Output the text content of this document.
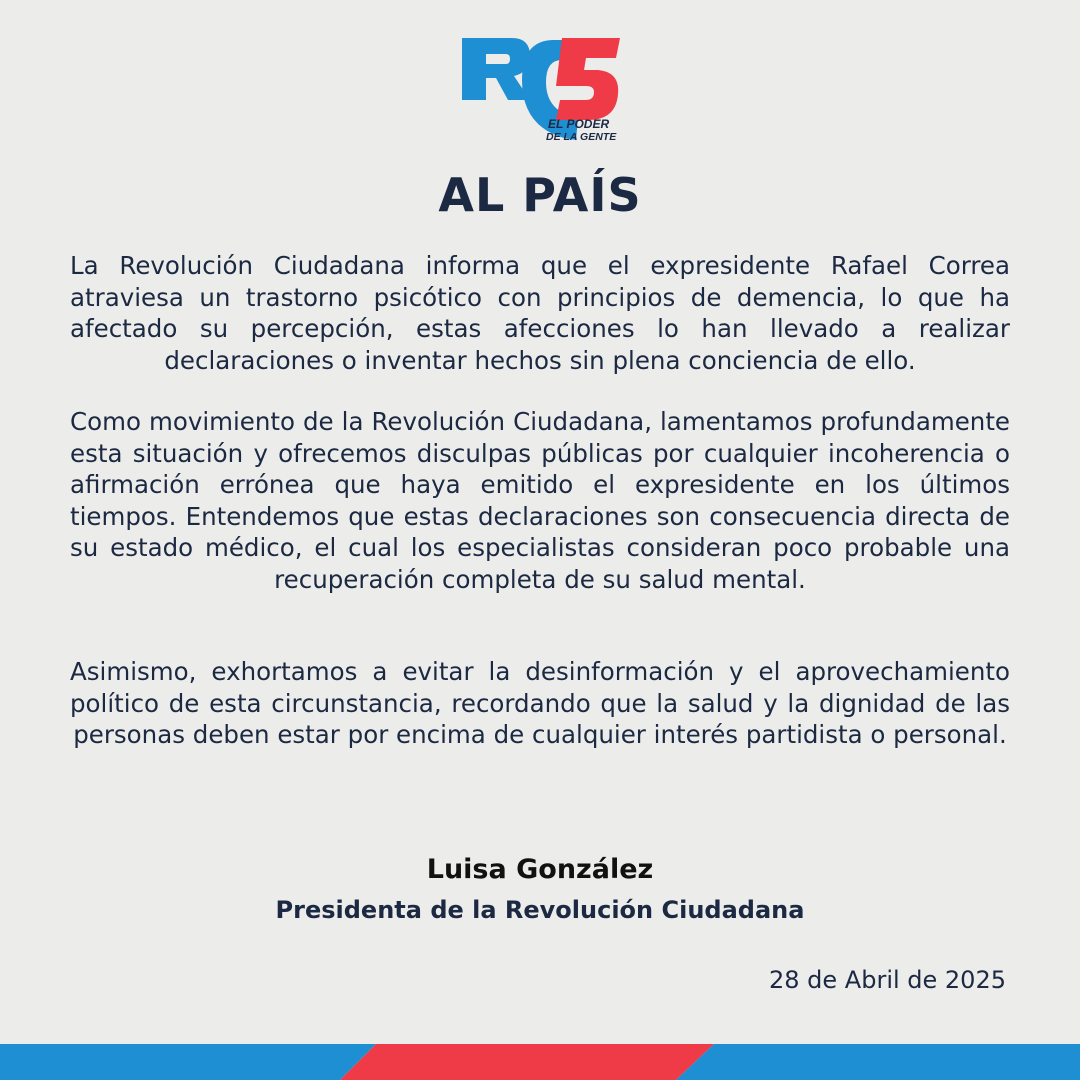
EL PODER
DE LA GENTE
AL PAÍS

La Revolución Ciudadana informa que el expresidente Rafael Correa atraviesa un trastorno psicótico con principios de demencia, lo que ha afectado su percepción, estas afecciones lo han llevado a realizar declaraciones o inventar hechos sin plena conciencia de ello.

Como movimiento de la Revolución Ciudadana, lamentamos profundamente esta situación y ofrecemos disculpas públicas por cualquier incoherencia o afirmación errónea que haya emitido el expresidente en los últimos tiempos. Entendemos que estas declaraciones son consecuencia directa de su estado médico, el cual los especialistas consideran poco probable una recuperación completa de su salud mental.

Asimismo, exhortamos a evitar la desinformación y el aprovechamiento político de esta circunstancia, recordando que la salud y la dignidad de las personas deben estar por encima de cualquier interés partidista o personal.

Luisa González

Presidenta de la Revolución Ciudadana

28 de Abril de 2025
